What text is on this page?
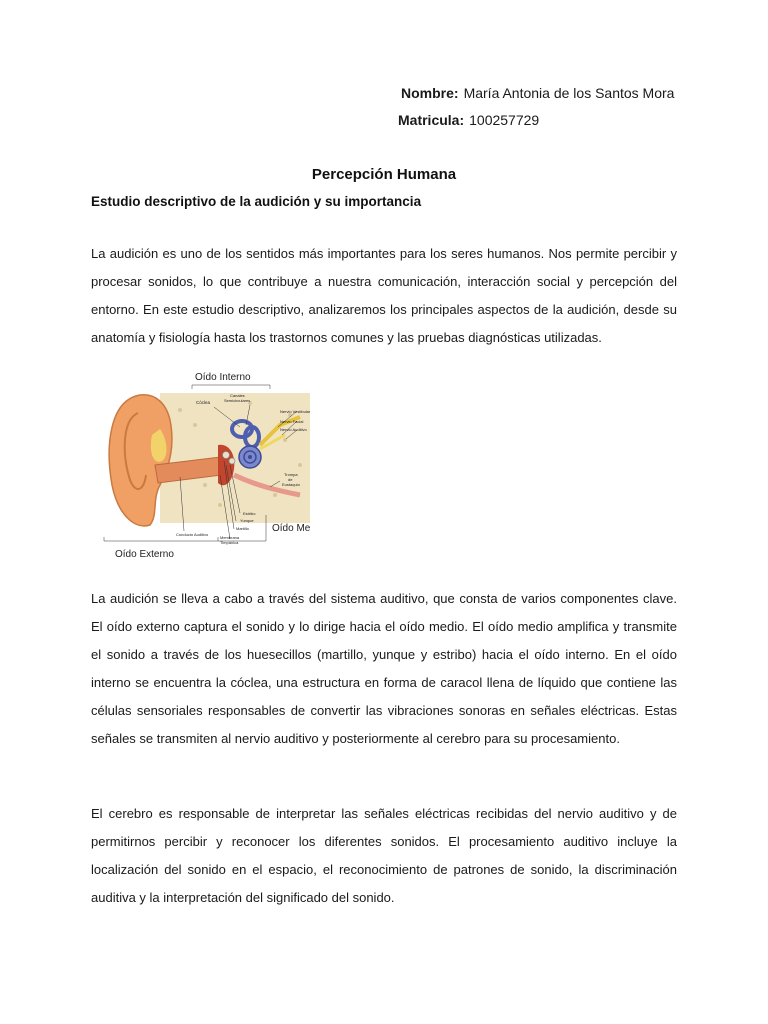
Nombre: María Antonia de los Santos Mora
Matricula: 100257729
Percepción Humana
Estudio descriptivo de la audición y su importancia

La audición es uno de los sentidos más importantes para los seres humanos. Nos permite percibir y procesar sonidos, lo que contribuye a nuestra comunicación, interacción social y percepción del entorno. En este estudio descriptivo, analizaremos los principales aspectos de la audición, desde su anatomía y fisiología hasta los trastornos comunes y las pruebas diagnósticas utilizadas.

Oído Interno
Cóclea
Canales
Semicirculares
Nervio Vestibular
Nervio Facial
Nervio Auditivo
Trompa
de
Eustaquio
Estribo
Yunque
Martillo
Conducto Auditivo
Membrana
Timpánica
Oído Me
Oído Externo

La audición se lleva a cabo a través del sistema auditivo, que consta de varios componentes clave. El oído externo captura el sonido y lo dirige hacia el oído medio. El oído medio amplifica y transmite el sonido a través de los huesecillos (martillo, yunque y estribo) hacia el oído interno. En el oído interno se encuentra la cóclea, una estructura en forma de caracol llena de líquido que contiene las células sensoriales responsables de convertir las vibraciones sonoras en señales eléctricas. Estas señales se transmiten al nervio auditivo y posteriormente al cerebro para su procesamiento.

El cerebro es responsable de interpretar las señales eléctricas recibidas del nervio auditivo y de permitirnos percibir y reconocer los diferentes sonidos. El procesamiento auditivo incluye la localización del sonido en el espacio, el reconocimiento de patrones de sonido, la discriminación auditiva y la interpretación del significado del sonido.
